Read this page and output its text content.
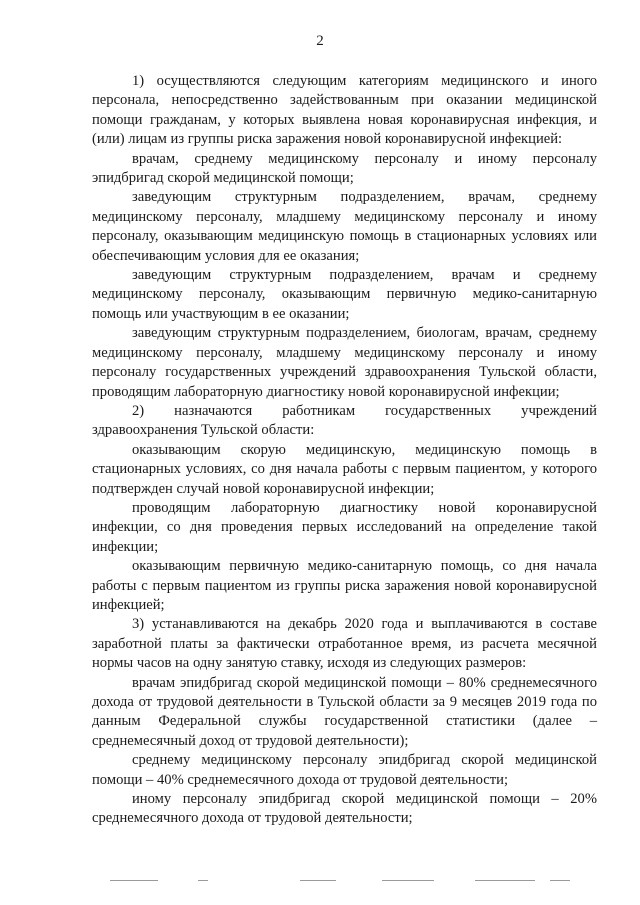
2

1) осуществляются следующим категориям медицинского и иного персонала, непосредственно задействованным при оказании медицинской помощи гражданам, у которых выявлена новая коронавирусная инфекция, и (или) лицам из группы риска заражения новой коронавирусной инфекцией:

врачам, среднему медицинскому персоналу и иному персоналу эпидбригад скорой медицинской помощи;

заведующим структурным подразделением, врачам, среднему медицинскому персоналу, младшему медицинскому персоналу и иному персоналу, оказывающим медицинскую помощь в стационарных условиях или обеспечивающим условия для ее оказания;

заведующим структурным подразделением, врачам и среднему медицинскому персоналу, оказывающим первичную медико-санитарную помощь или участвующим в ее оказании;

заведующим структурным подразделением, биологам, врачам, среднему медицинскому персоналу, младшему медицинскому персоналу и иному персоналу государственных учреждений здравоохранения Тульской области, проводящим лабораторную диагностику новой коронавирусной инфекции;

2) назначаются работникам государственных учреждений здравоохранения Тульской области:

оказывающим скорую медицинскую, медицинскую помощь в стационарных условиях, со дня начала работы с первым пациентом, у которого подтвержден случай новой коронавирусной инфекции;

проводящим лабораторную диагностику новой коронавирусной инфекции, со дня проведения первых исследований на определение такой инфекции;

оказывающим первичную медико-санитарную помощь, со дня начала работы с первым пациентом из группы риска заражения новой коронавирусной инфекцией;

3) устанавливаются на декабрь 2020 года и выплачиваются в составе заработной платы за фактически отработанное время, из расчета месячной нормы часов на одну занятую ставку, исходя из следующих размеров:

врачам эпидбригад скорой медицинской помощи – 80% среднемесячного дохода от трудовой деятельности в Тульской области за 9 месяцев 2019 года по данным Федеральной службы государственной статистики (далее – среднемесячный доход от трудовой деятельности);

среднему медицинскому персоналу эпидбригад скорой медицинской помощи – 40% среднемесячного дохода от трудовой деятельности;

иному персоналу эпидбригад скорой медицинской помощи – 20% среднемесячного дохода от трудовой деятельности;
